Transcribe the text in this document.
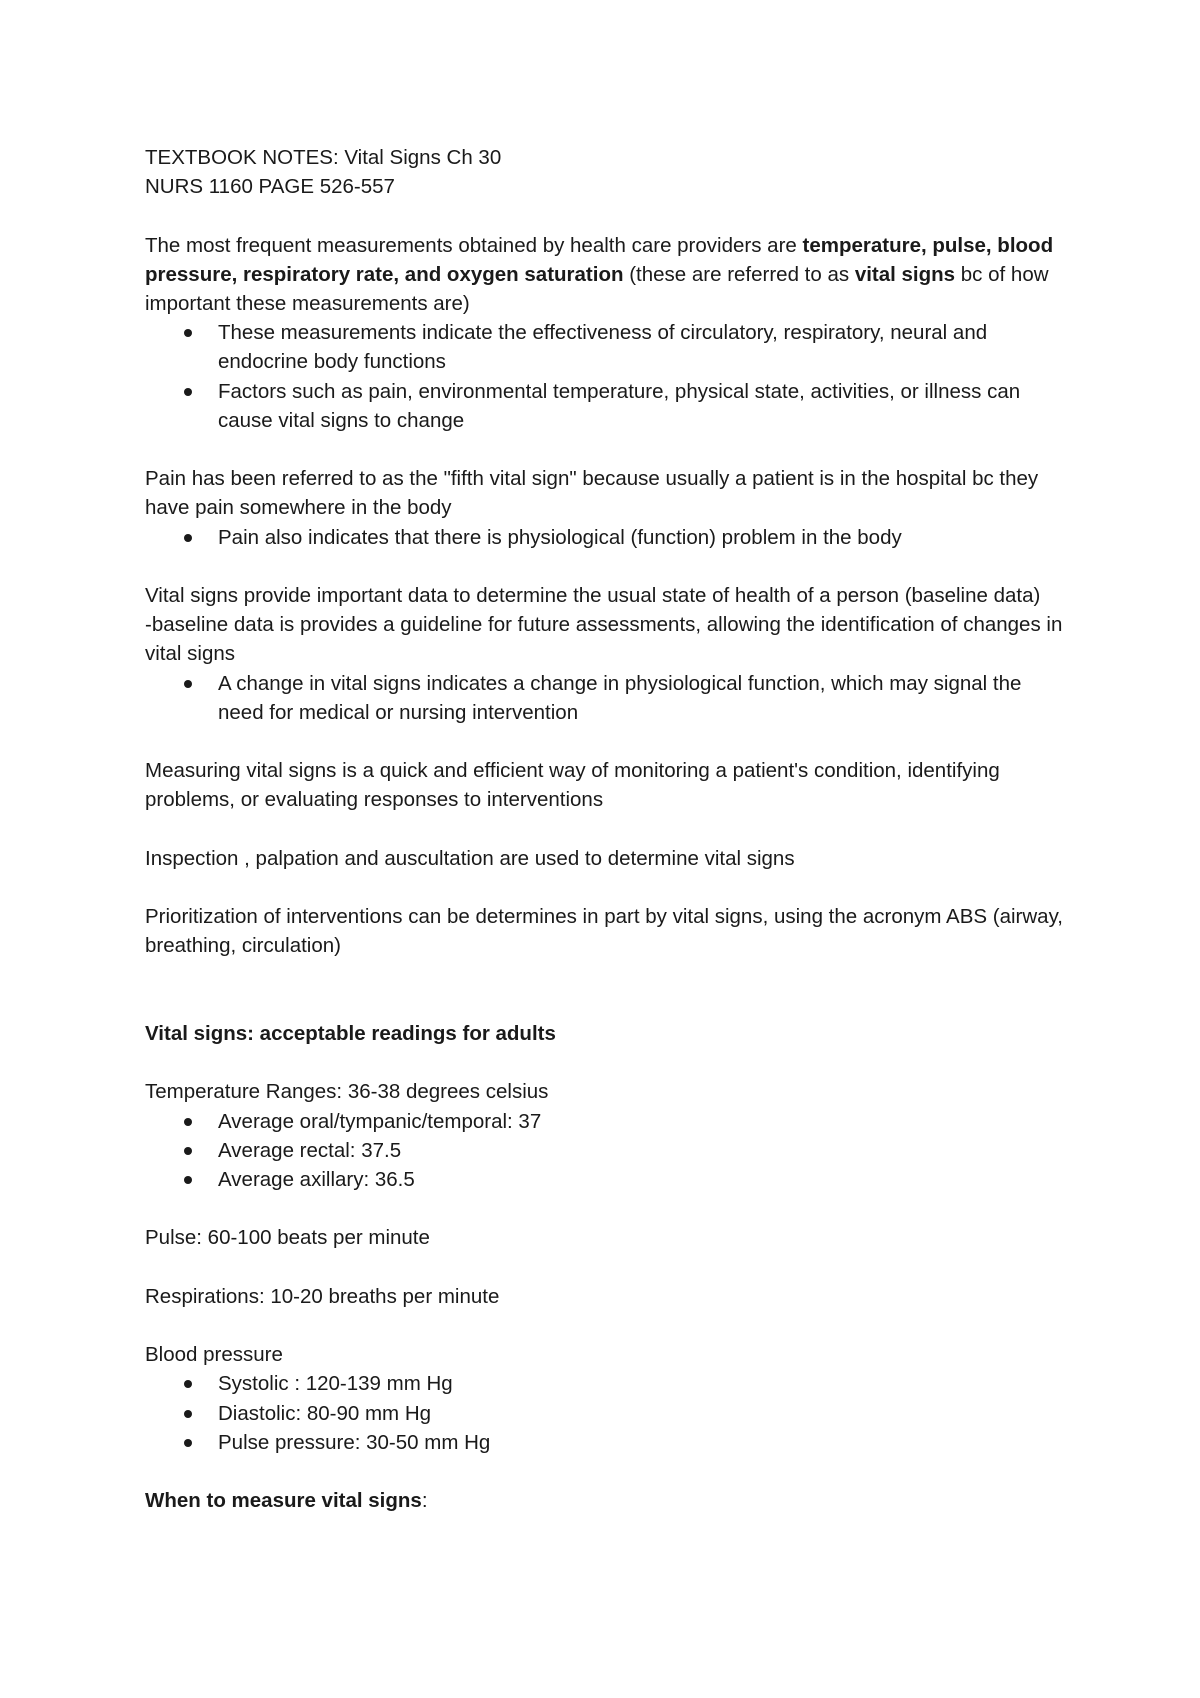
TEXTBOOK NOTES: Vital Signs Ch 30

NURS 1160 PAGE 526-557

The most frequent measurements obtained by health care providers are temperature, pulse, blood pressure, respiratory rate, and oxygen saturation (these are referred to as vital signs bc of how important these measurements are)

These measurements indicate the effectiveness of circulatory, respiratory, neural and endocrine body functions
Factors such as pain, environmental temperature, physical state, activities, or illness can cause vital signs to change

Pain has been referred to as the "fifth vital sign" because usually a patient is in the hospital bc they have pain somewhere in the body

Pain also indicates that there is physiological (function) problem in the body

Vital signs provide important data to determine the usual state of health of a person (baseline data)

-baseline data is provides a guideline for future assessments, allowing the identification of changes in vital signs

A change in vital signs indicates a change in physiological function, which may signal the need for medical or nursing intervention

Measuring vital signs is a quick and efficient way of monitoring a patient's condition, identifying problems, or evaluating responses to interventions

Inspection , palpation and auscultation are used to determine vital signs

Prioritization of interventions can be determines in part by vital signs, using the acronym ABS (airway, breathing, circulation)

Vital signs: acceptable readings for adults

Temperature Ranges: 36-38 degrees celsius

Average oral/tympanic/temporal: 37
Average rectal: 37.5
Average axillary: 36.5

Pulse: 60-100 beats per minute

Respirations: 10-20 breaths per minute

Blood pressure

Systolic : 120-139 mm Hg
Diastolic: 80-90 mm Hg
Pulse pressure: 30-50 mm Hg

When to measure vital signs:
